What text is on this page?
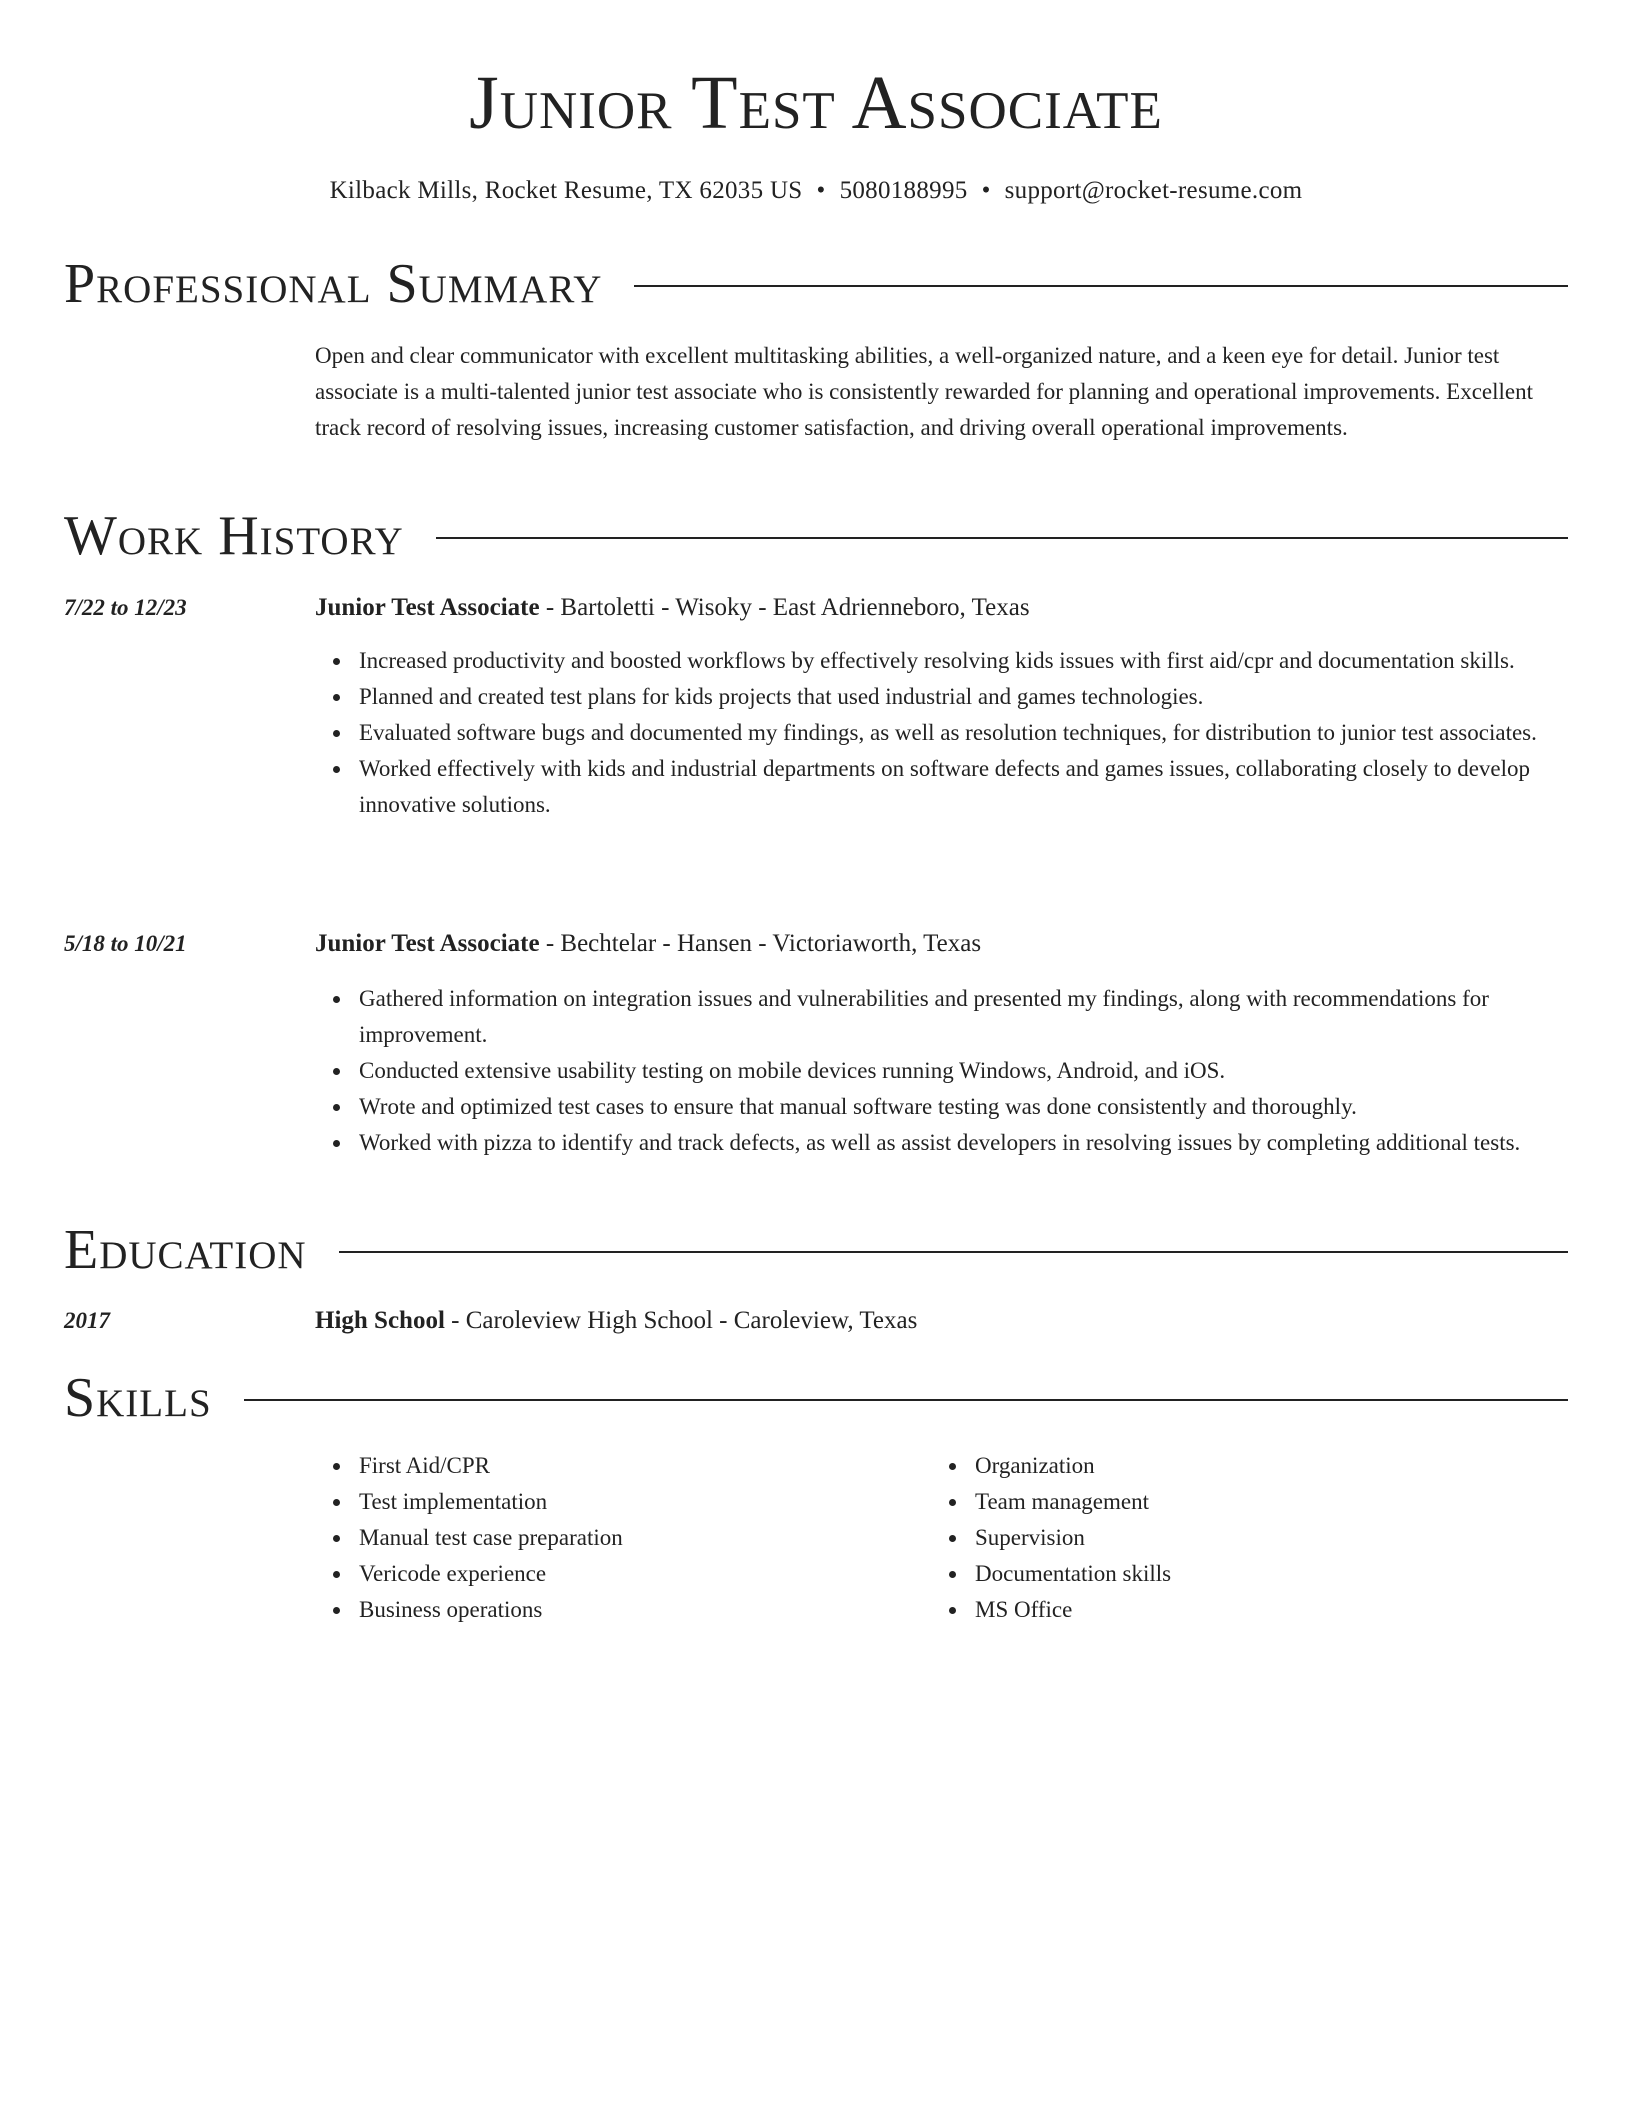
Junior Test Associate
Kilback Mills, Rocket Resume, TX 62035 US • 5080188995 • support@rocket-resume.com
Professional Summary

Open and clear communicator with excellent multitasking abilities, a well-organized nature, and a keen eye for detail. Junior test associate is a multi-talented junior test associate who is consistently rewarded for planning and operational improvements. Excellent track record of resolving issues, increasing customer satisfaction, and driving overall operational improvements.

Work History
7/22 to 12/23	Junior Test Associate - Bartoletti - Wisoky - East Adrienneboro, Texas
Increased productivity and boosted workflows by effectively resolving kids issues with first aid/cpr and documentation skills.
Planned and created test plans for kids projects that used industrial and games technologies.
Evaluated software bugs and documented my findings, as well as resolution techniques, for distribution to junior test associates.
Worked effectively with kids and industrial departments on software defects and games issues, collaborating closely to develop innovative solutions.
5/18 to 10/21	Junior Test Associate - Bechtelar - Hansen - Victoriaworth, Texas
Gathered information on integration issues and vulnerabilities and presented my findings, along with recommendations for improvement.
Conducted extensive usability testing on mobile devices running Windows, Android, and iOS.
Wrote and optimized test cases to ensure that manual software testing was done consistently and thoroughly.
Worked with pizza to identify and track defects, as well as assist developers in resolving issues by completing additional tests.
Education
2017	High School - Caroleview High School - Caroleview, Texas
Skills
First Aid/CPR
Test implementation
Manual test case preparation
Vericode experience
Business operations
Organization
Team management
Supervision
Documentation skills
MS Office
